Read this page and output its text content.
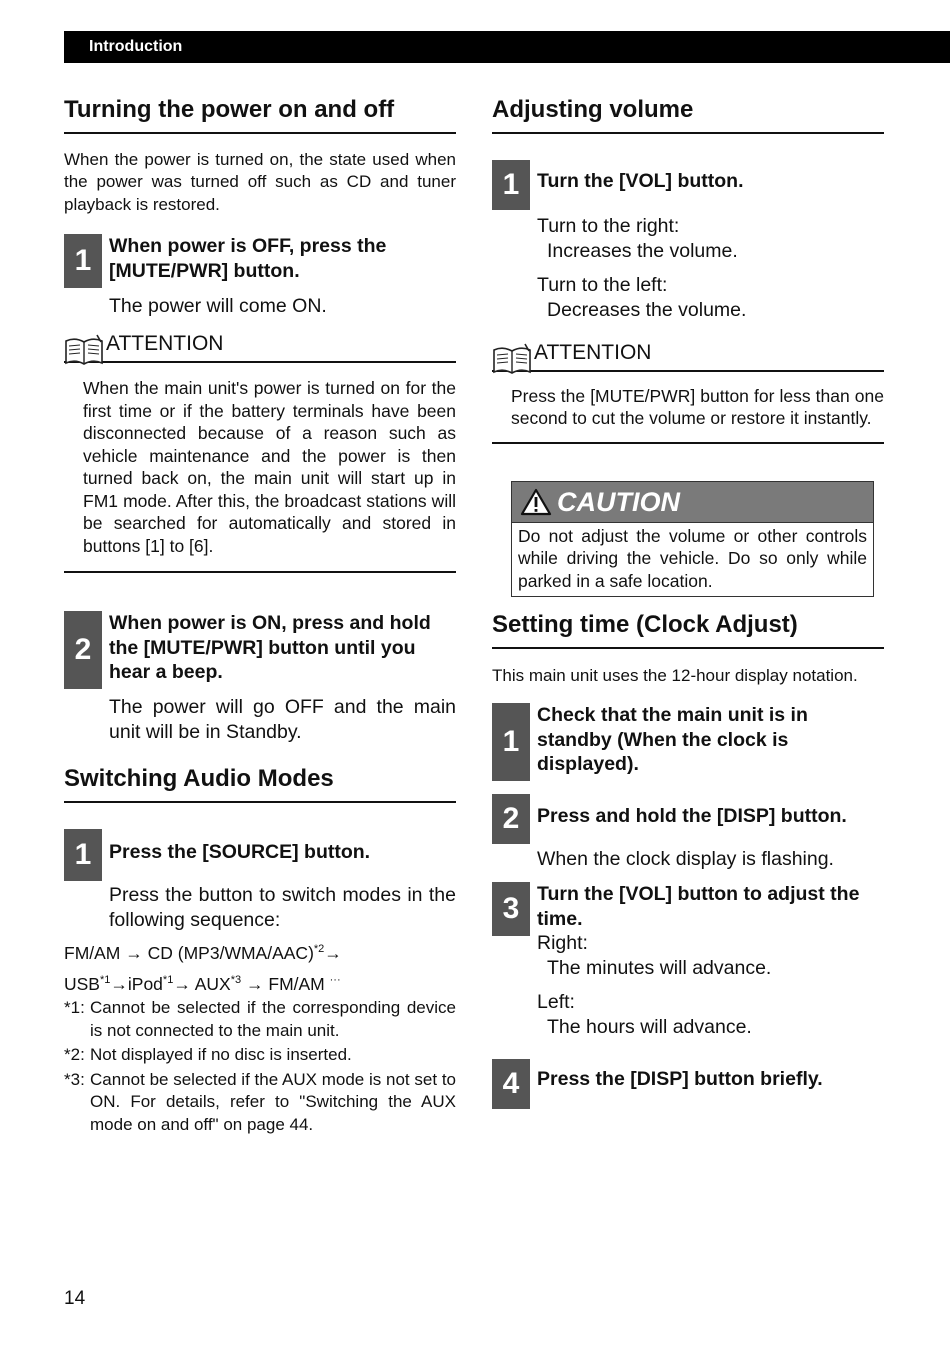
Introduction
Turning the power on and off

When the power is turned on, the state used when the power was turned off such as CD and tuner playback is restored.

1 When power is OFF, press the [MUTE/PWR] button.
The power will come ON.
ATTENTION
When the main unit's power is turned on for the first time or if the battery terminals have been disconnected because of a reason such as vehicle maintenance and the power is then turned back on, the main unit will start up in FM1 mode. After this, the broadcast stations will be searched for automatically and stored in buttons [1] to [6].
2
When power is ON, press and hold the [MUTE/PWR] button until you hear a beep.
The power will go OFF and the main unit will be in Standby.
Switching Audio Modes
1 Press the [SOURCE] button.
Press the button to switch modes in the following sequence:
FM/AM → CD $(MP3/WMA/AAC)^{*2}\to$
$USB^{*1}\to iPod^{*1}\to AUX^{*3} \to FM/AM$ ···
*1: Cannot be selected if the corresponding device is not connected to the main unit.
*2: Not displayed if no disc is inserted.
*3: Cannot be selected if the AUX mode is not set to ON. For details, refer to "Switching the AUX mode on and off" on page 44.
Adjusting volume
1 Turn the [VOL] button.
Turn to the right:
Increases the volume.
Turn to the left:
Decreases the volume.
ATTENTION
Press the [MUTE/PWR] button for less than one second to cut the volume or restore it instantly.
CAUTION
Do not adjust the volume or other controls while driving the vehicle. Do so only while parked in a safe location.
Setting time (Clock Adjust)

This main unit uses the 12-hour display notation.

1
Check that the main unit is in standby (When the clock is displayed).
2 Press and hold the [DISP] button.
When the clock display is flashing.
3 Turn the [VOL] button to adjust the time.
Right:
The minutes will advance.
Left:
The hours will advance.
4 Press the [DISP] button briefly.
14
